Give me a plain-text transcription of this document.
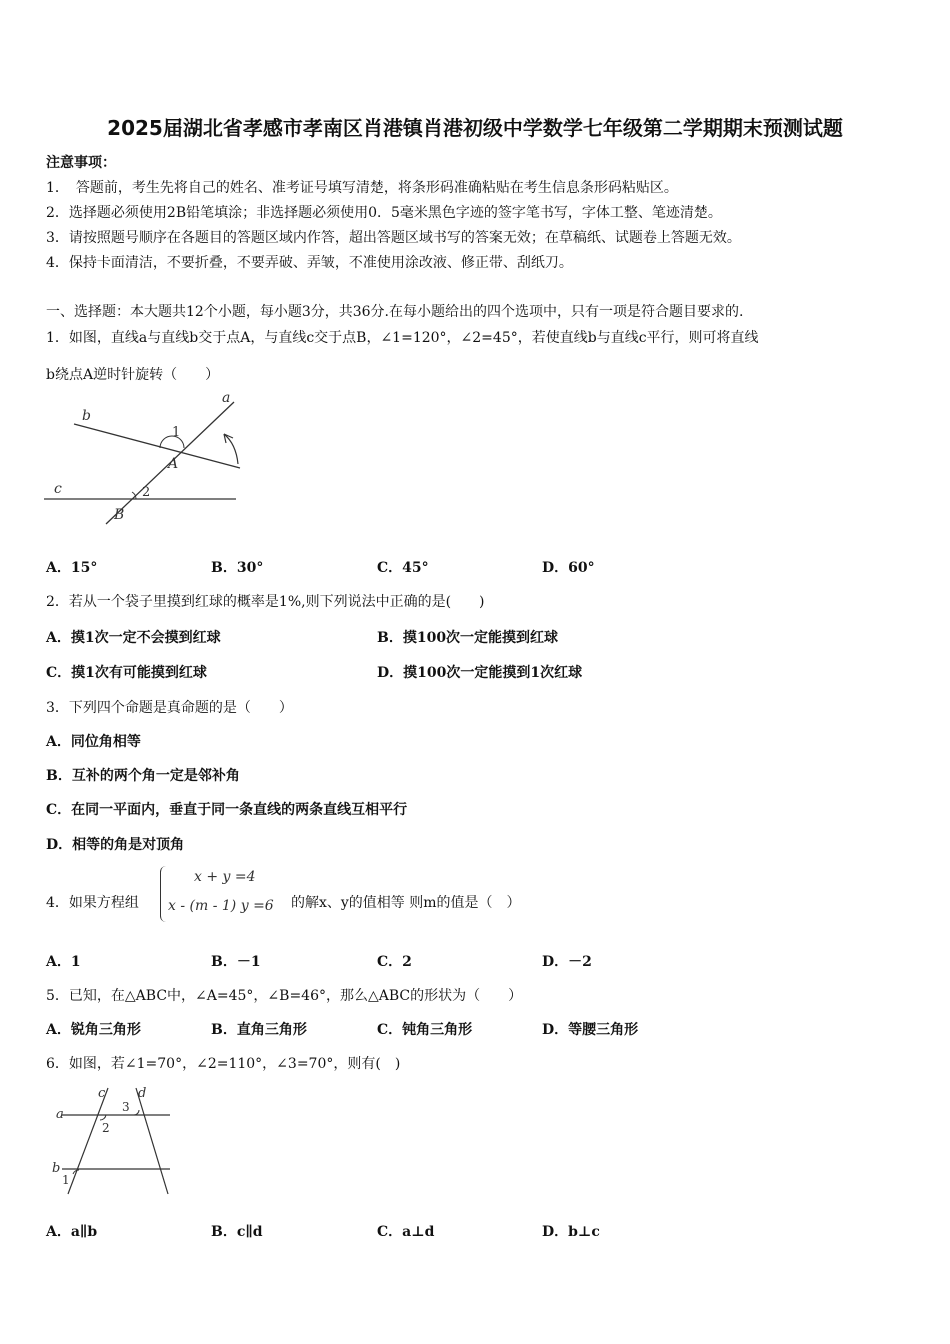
2025届湖北省孝感市孝南区肖港镇肖港初级中学数学七年级第二学期期末预测试题
注意事项：
1．　答题前，考生先将自己的姓名、准考证号填写清楚，将条形码准确粘贴在考生信息条形码粘贴区。
2．选择题必须使用2B铅笔填涂；非选择题必须使用0．5毫米黑色字迹的签字笔书写，字体工整、笔迹清楚。
3．请按照题号顺序在各题目的答题区域内作答，超出答题区域书写的答案无效；在草稿纸、试题卷上答题无效。
4．保持卡面清洁，不要折叠，不要弄破、弄皱，不准使用涂改液、修正带、刮纸刀。
一、选择题：本大题共12个小题，每小题3分，共36分.在每小题给出的四个选项中，只有一项是符合题目要求的.
1．如图，直线a与直线b交于点A，与直线c交于点B，∠1=120°，∠2=45°，若使直线b与直线c平行，则可将直线
b绕点A逆时针旋转（　　）
b
a
1
A
c	2
B
A．15°	B．30°	C．45°	D．60°
2．若从一个袋子里摸到红球的概率是1%,则下列说法中正确的是(　　)
A．摸1次一定不会摸到红球	B．摸100次一定能摸到红球
C．摸1次有可能摸到红球	D．摸100次一定能摸到1次红球
3．下列四个命题是真命题的是（　　）
A．同位角相等
B．互补的两个角一定是邻补角
C．在同一平面内，垂直于同一条直线的两条直线互相平行
D．相等的角是对顶角
4．如果方程组
x + y =4
x - (m - 1) y =6 的解x、y的值相等 则m的值是（　）
A．1	B．－1	C．2	D．－2
5．已知，在△ABC中，∠A=45°，∠B=46°，那么△ABC的形状为（　　）
A．锐角三角形	B．直角三角形	C．钝角三角形	D．等腰三角形
6．如图，若∠1=70°，∠2=110°，∠3=70°，则有(　)
c	d
3
a
2
b
1
A．a∥b	B．c∥d	C．a⊥d	D．b⊥c
